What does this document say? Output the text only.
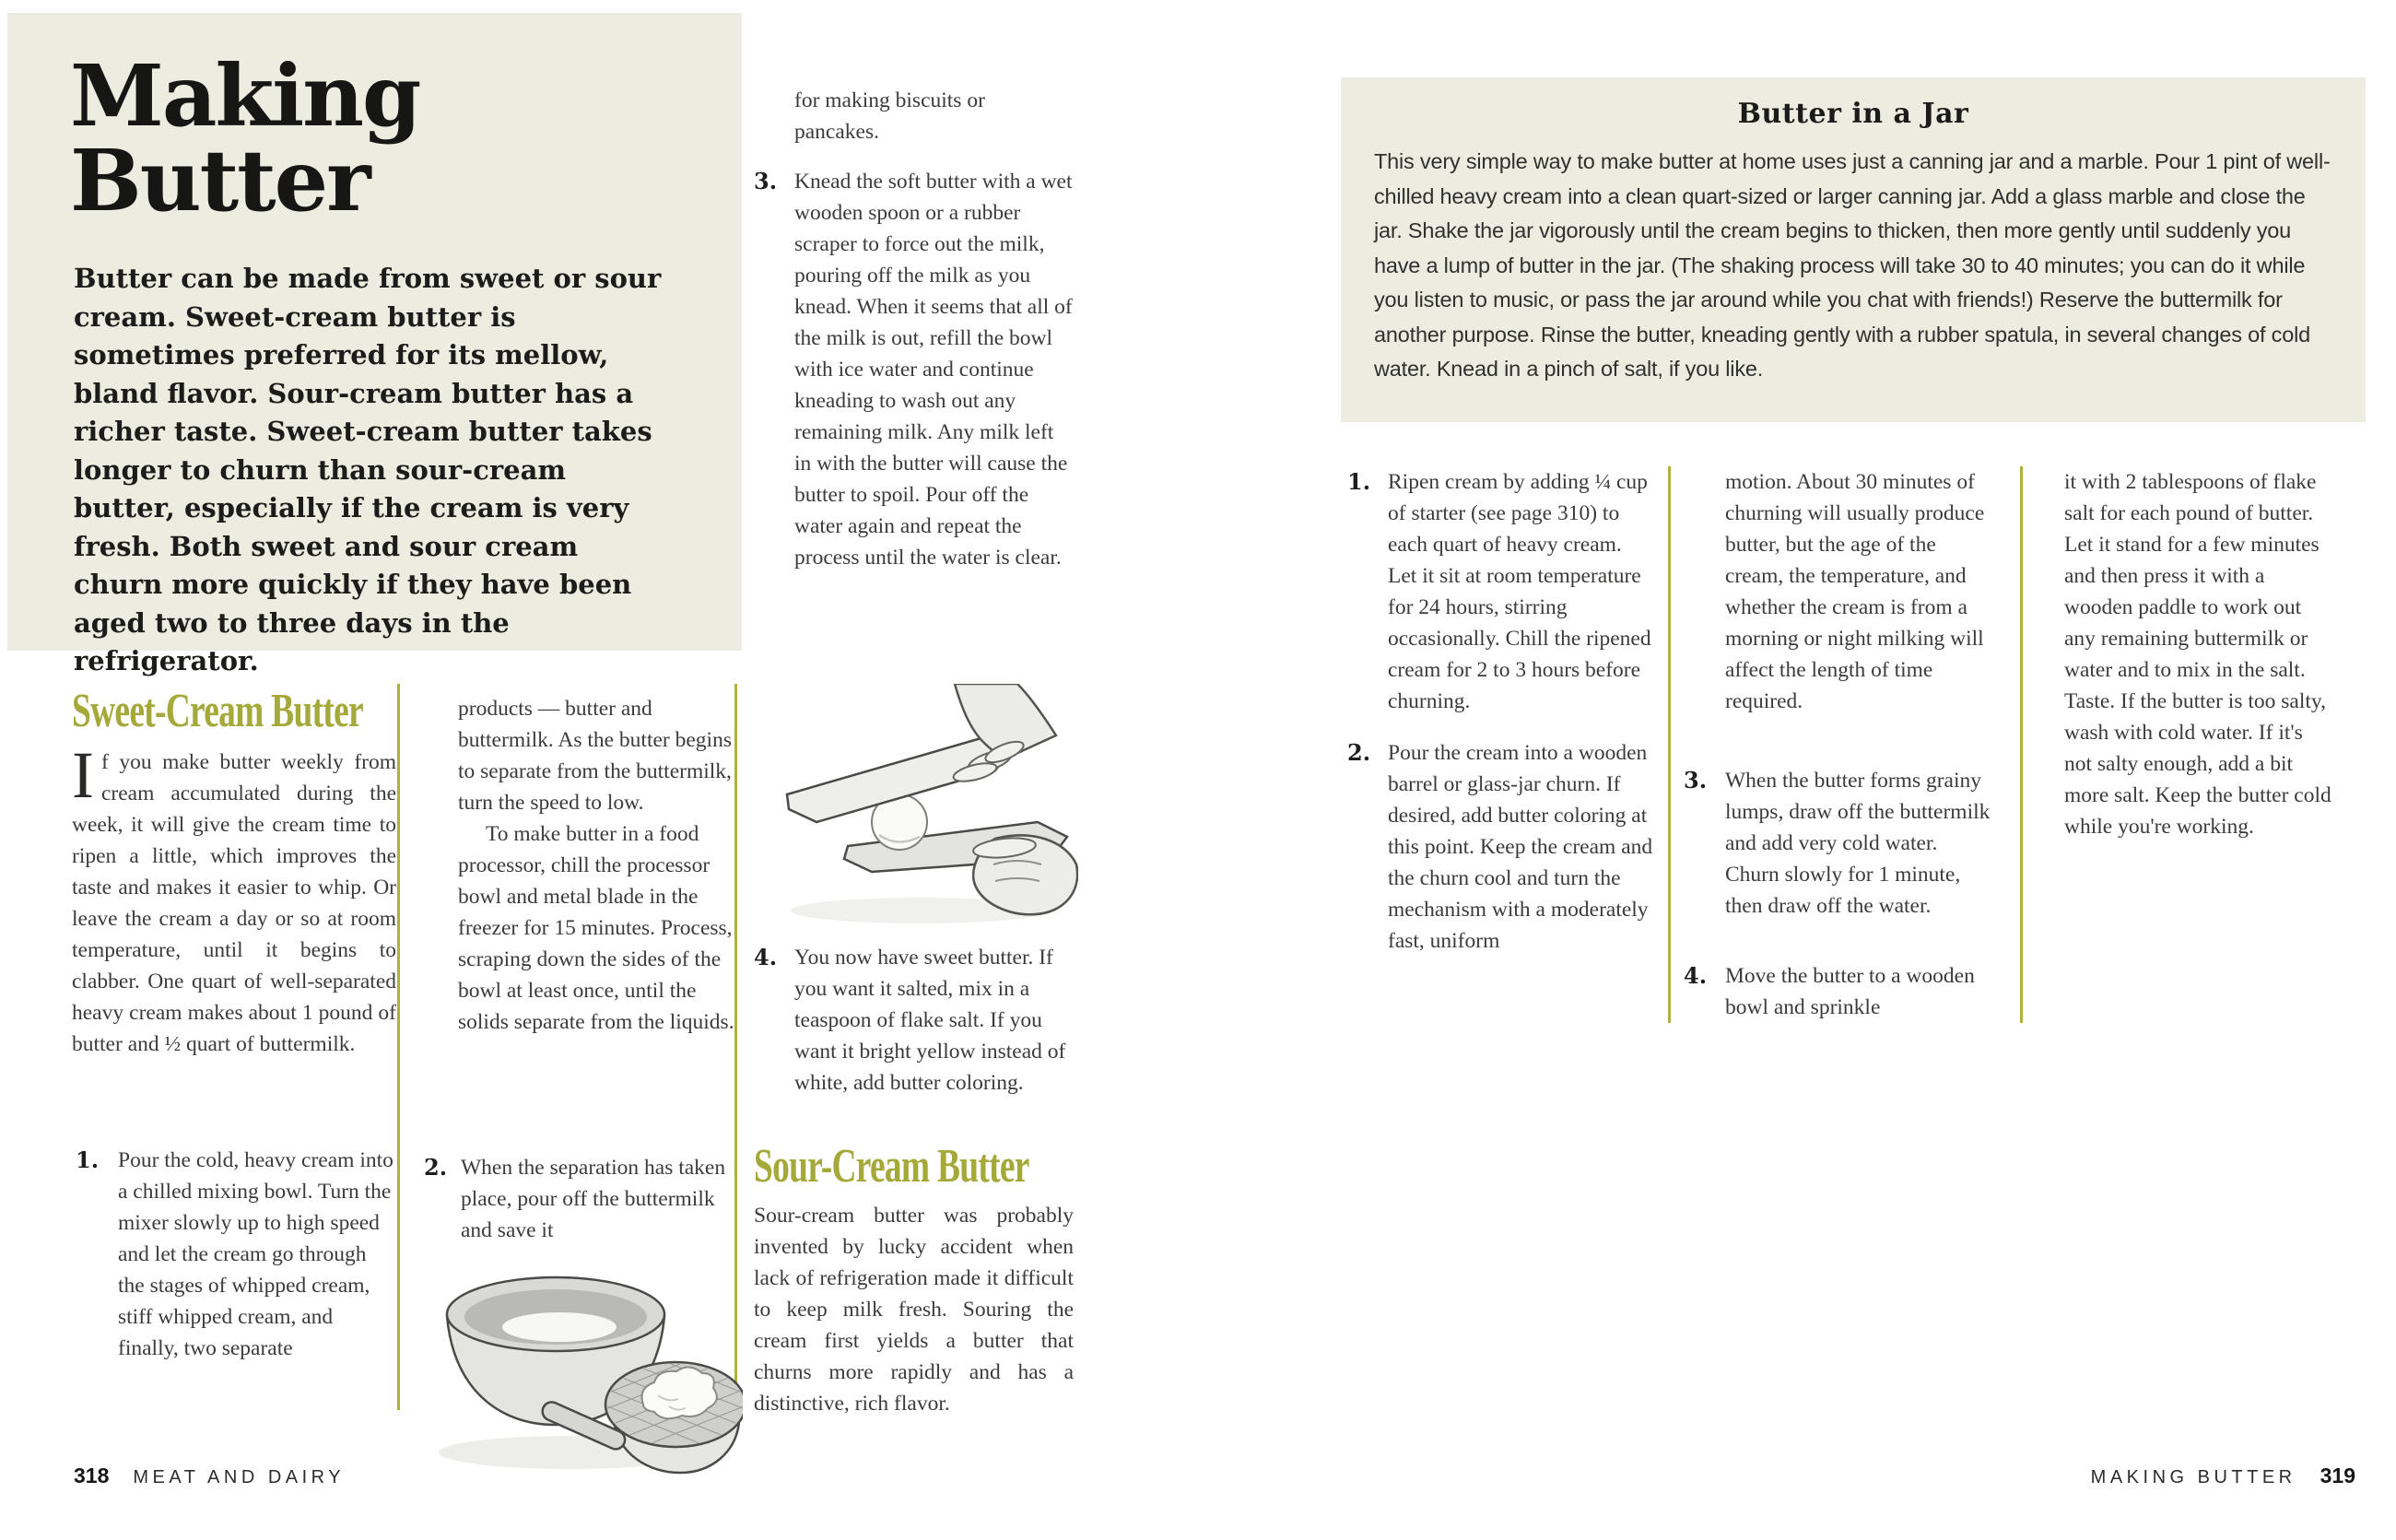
Making
Butter
Butter can be made from sweet or sour cream. Sweet-cream butter is sometimes preferred for its mellow, bland flavor. Sour-cream butter has a richer taste. Sweet-cream butter takes longer to churn than sour-cream butter, especially if the cream is very fresh. Both sweet and sour cream churn more quickly if they have been aged two to three days in the refrigerator.
Sweet-Cream Butter
If you make butter weekly from cream accumulated during the week, it will give the cream time to ripen a little, which improves the taste and makes it easier to whip. Or leave the cream a day or so at room temperature, until it begins to clabber. One quart of well-separated heavy cream makes about 1 pound of butter and ½ quart of buttermilk.
1. Pour the cold, heavy cream into a chilled mixing bowl. Turn the mixer slowly up to high speed and let the cream go through the stages of whipped cream, stiff whipped cream, and finally, two separate
products — butter and buttermilk. As the butter begins to separate from the buttermilk, turn the speed to low.
To make butter in a food processor, chill the processor bowl and metal blade in the freezer for 15 minutes. Process, scraping down the sides of the bowl at least once, until the solids separate from the liquids.
2. When the separation has taken place, pour off the buttermilk and save it
for making biscuits or pancakes.
3. Knead the soft butter with a wet wooden spoon or a rubber scraper to force out the milk, pouring off the milk as you knead. When it seems that all of the milk is out, refill the bowl with ice water and continue kneading to wash out any remaining milk. Any milk left in with the butter will cause the butter to spoil. Pour off the water again and repeat the process until the water is clear.
4. You now have sweet butter. If you want it salted, mix in a teaspoon of flake salt. If you want it bright yellow instead of white, add butter coloring.
Sour-Cream Butter
Sour-cream butter was probably invented by lucky accident when lack of refrigeration made it difficult to keep milk fresh. Souring the cream first yields a butter that churns more rapidly and has a distinctive, rich flavor.
318 MEAT AND DAIRY
Butter in a Jar
This very simple way to make butter at home uses just a canning jar and a marble. Pour 1 pint of well-chilled heavy cream into a clean quart-sized or larger canning jar. Add a glass marble and close the jar. Shake the jar vigorously until the cream begins to thicken, then more gently until suddenly you have a lump of butter in the jar. (The shaking process will take 30 to 40 minutes; you can do it while you listen to music, or pass the jar around while you chat with friends!) Reserve the buttermilk for another purpose. Rinse the butter, kneading gently with a rubber spatula, in several changes of cold water. Knead in a pinch of salt, if you like.
1. Ripen cream by adding ¼ cup of starter (see page 310) to each quart of heavy cream. Let it sit at room temperature for 24 hours, stirring occasionally. Chill the ripened cream for 2 to 3 hours before churning.
2. Pour the cream into a wooden barrel or glass-jar churn. If desired, add butter coloring at this point. Keep the cream and the churn cool and turn the mechanism with a moderately fast, uniform
motion. About 30 minutes of churning will usually produce butter, but the age of the cream, the temperature, and whether the cream is from a morning or night milking will affect the length of time required.
3. When the butter forms grainy lumps, draw off the buttermilk and add very cold water. Churn slowly for 1 minute, then draw off the water.
4. Move the butter to a wooden bowl and sprinkle
it with 2 tablespoons of flake salt for each pound of butter. Let it stand for a few minutes and then press it with a wooden paddle to work out any remaining buttermilk or water and to mix in the salt. Taste. If the butter is too salty, wash with cold water. If it's not salty enough, add a bit more salt. Keep the butter cold while you're working.
MAKING BUTTER 319
